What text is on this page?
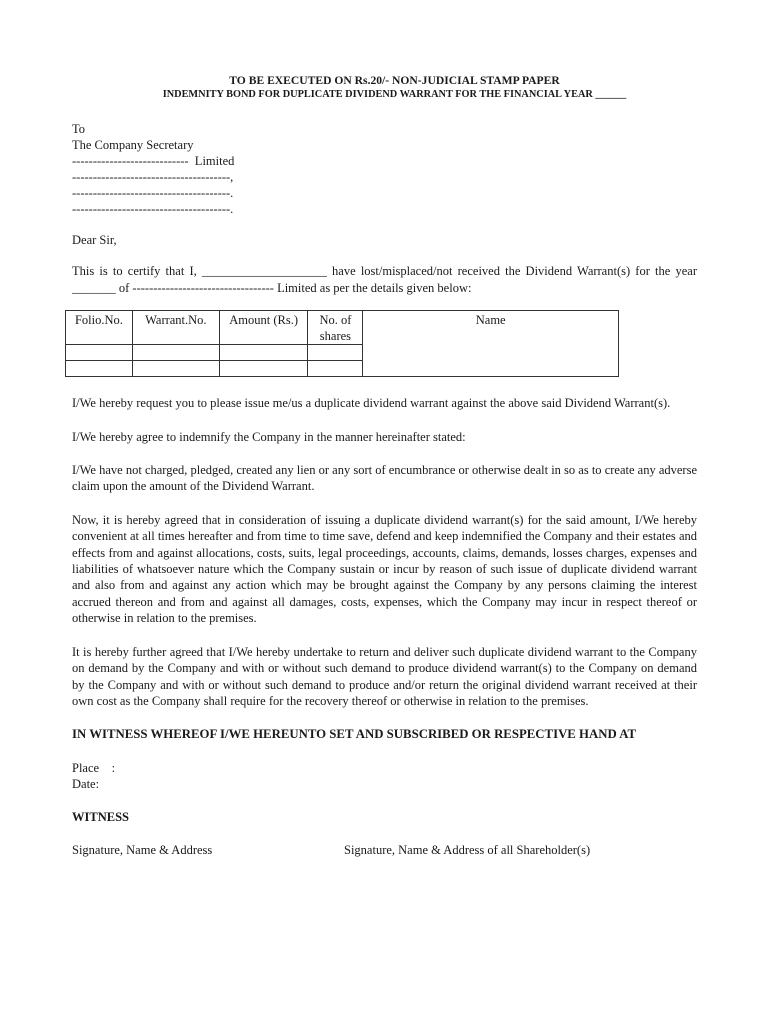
TO BE EXECUTED ON Rs.20/- NON-JUDICIAL STAMP PAPER
INDEMNITY BOND FOR DUPLICATE DIVIDEND WARRANT FOR THE FINANCIAL YEAR ______
To
The Company Secretary
----------------------------  Limited
--------------------------------------,
--------------------------------------.
--------------------------------------.
Dear Sir,

This is to certify that I, ____________________ have lost/misplaced/not received the Dividend Warrant(s) for the year _______ of ---------------------------------- Limited as per the details given below:

Folio.No.	Warrant.No.	Amount (Rs.)	No. of shares	Name

I/We hereby request you to please issue me/us a duplicate dividend warrant against the above said Dividend Warrant(s).

I/We hereby agree to indemnify the Company in the manner hereinafter stated:

I/We have not charged, pledged, created any lien or any sort of encumbrance or otherwise dealt in so as to create any adverse claim upon the amount of the Dividend Warrant.

Now, it is hereby agreed that in consideration of issuing a duplicate dividend warrant(s) for the said amount, I/We hereby convenient at all times hereafter and from time to time save, defend and keep indemnified the Company and their estates and effects from and against allocations, costs, suits, legal proceedings, accounts, claims, demands, losses charges, expenses and liabilities of whatsoever nature which the Company sustain or incur by reason of such issue of duplicate dividend warrant and also from and against any action which may be brought against the Company by any persons claiming the interest accrued thereon and from and against all damages, costs, expenses, which the Company may incur in respect thereof or otherwise in relation to the premises.

It is hereby further agreed that I/We hereby undertake to return and deliver such duplicate dividend warrant to the Company on demand by the Company and with or without such demand to produce dividend warrant(s) to the Company on demand by the Company and with or without such demand to produce and/or return the original dividend warrant received at their own cost as the Company shall require for the recovery thereof or otherwise in relation to the premises.

IN WITNESS WHEREOF I/WE HEREUNTO SET AND SUBSCRIBED OR RESPECTIVE HAND AT
Place    :
Date:
WITNESS
Signature, Name & Address	Signature, Name & Address of all Shareholder(s)
